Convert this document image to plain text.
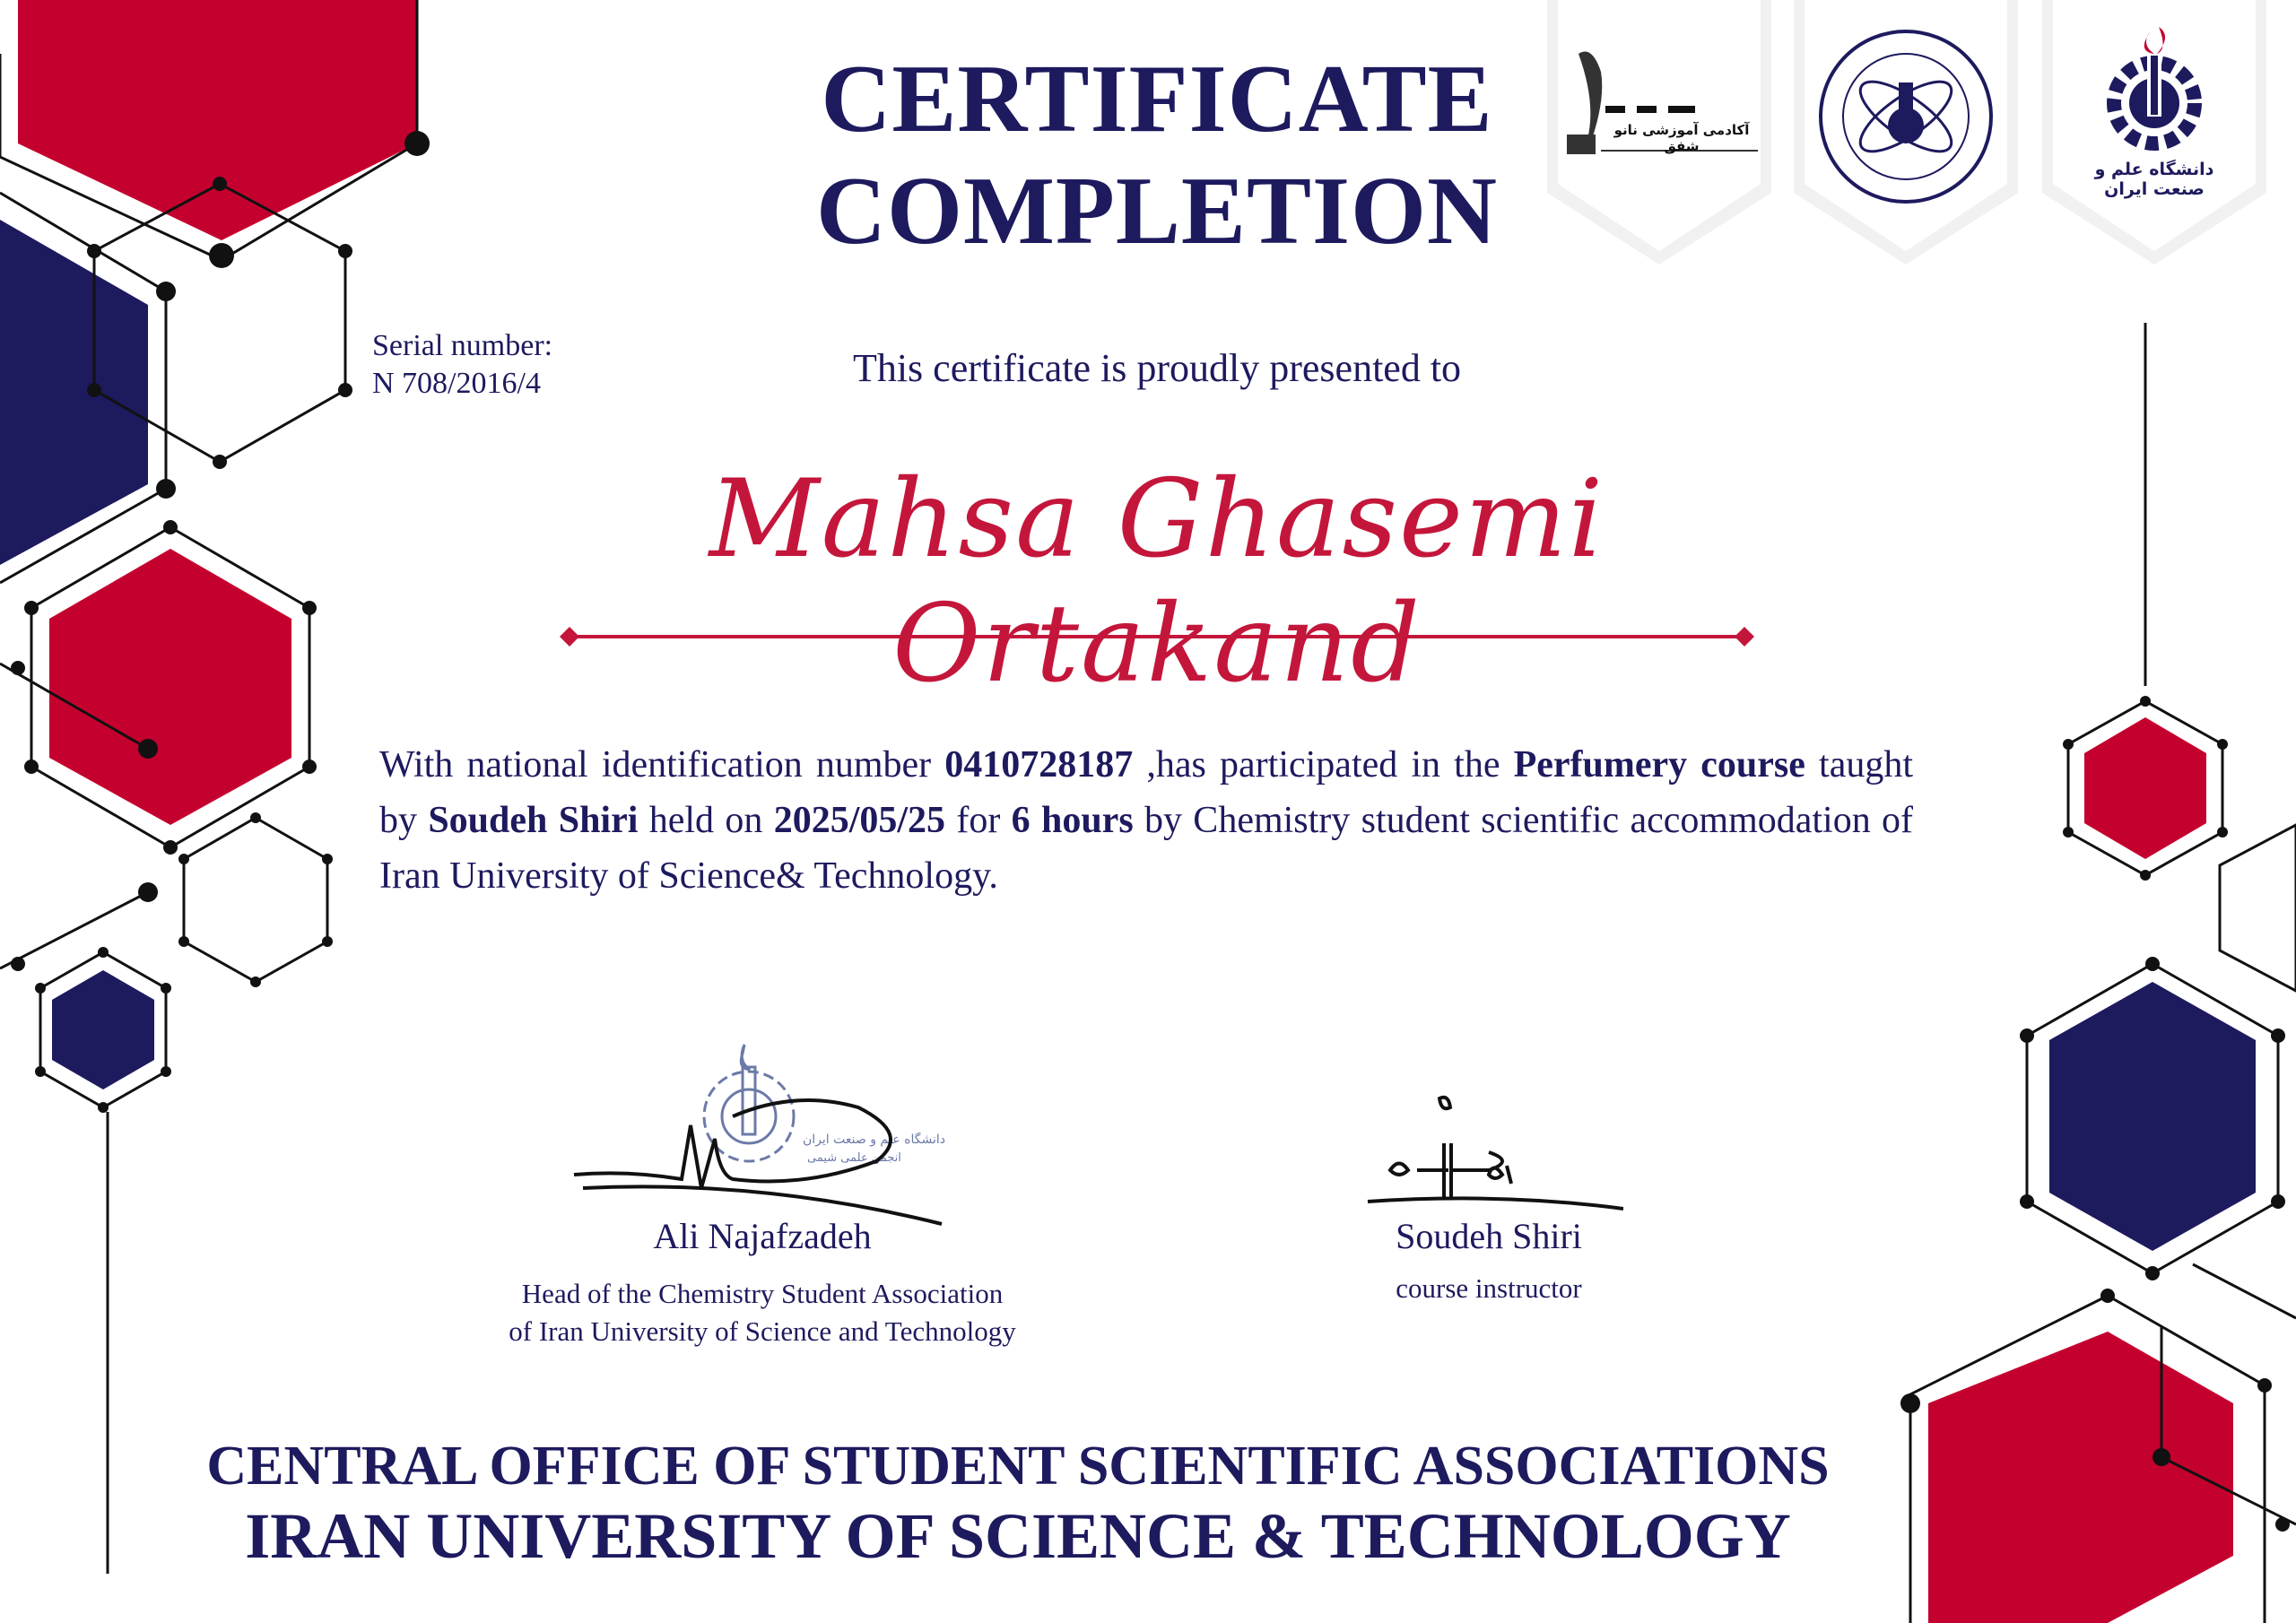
آکادمی آموزشی نانو شفق
دانشگاه علم و صنعت ایران
CERTIFICATE
COMPLETION
Serial number:
N 708/2016/4	This certificate is proudly presented to
Mahsa Ghasemi Ortakand
With national identification number 0410728187 ,has participated in the Perfumery course taught by Soudeh Shiri held on 2025/05/25 for 6 hours by Chemistry student scientific accommodation of Iran University of Science& Technology.
دانشگاه علم و صنعت ایران
انجمن علمی شیمی
Ali Najafzadeh
Head of the Chemistry Student Association
of Iran University of Science and Technology
Soudeh Shiri
course instructor
CENTRAL OFFICE OF STUDENT SCIENTIFIC ASSOCIATIONS
IRAN UNIVERSITY OF SCIENCE & TECHNOLOGY
